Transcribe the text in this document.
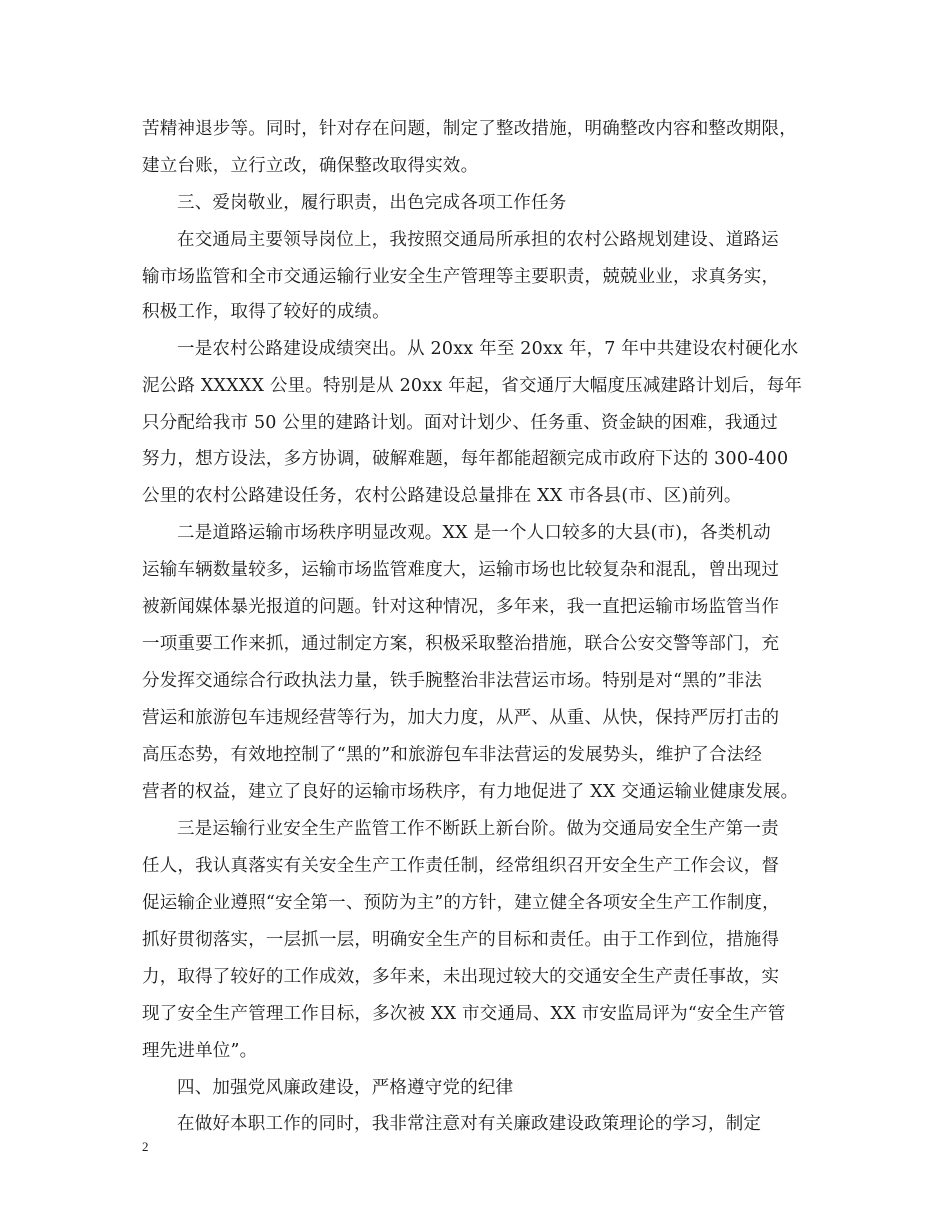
苦精神退步等。同时，针对存在问题，制定了整改措施，明确整改内容和整改期限，
建立台账，立行立改，确保整改取得实效。
三、爱岗敬业，履行职责，出色完成各项工作任务
在交通局主要领导岗位上，我按照交通局所承担的农村公路规划建设、道路运
输市场监管和全市交通运输行业安全生产管理等主要职责，兢兢业业，求真务实，
积极工作，取得了较好的成绩。
一是农村公路建设成绩突出。从 20xx 年至 20xx 年，7 年中共建设农村硬化水
泥公路 XXXXX 公里。特别是从 20xx 年起，省交通厅大幅度压减建路计划后，每年
只分配给我市 50 公里的建路计划。面对计划少、任务重、资金缺的困难，我通过
努力，想方设法，多方协调，破解难题，每年都能超额完成市政府下达的 300-400
公里的农村公路建设任务，农村公路建设总量排在 XX 市各县(市、区)前列。
二是道路运输市场秩序明显改观。XX 是一个人口较多的大县(市)，各类机动
运输车辆数量较多，运输市场监管难度大，运输市场也比较复杂和混乱，曾出现过
被新闻媒体暴光报道的问题。针对这种情况，多年来，我一直把运输市场监管当作
一项重要工作来抓，通过制定方案，积极采取整治措施，联合公安交警等部门，充
分发挥交通综合行政执法力量，铁手腕整治非法营运市场。特别是对“黑的”非法
营运和旅游包车违规经营等行为，加大力度，从严、从重、从快，保持严厉打击的
高压态势，有效地控制了“黑的”和旅游包车非法营运的发展势头，维护了合法经
营者的权益，建立了良好的运输市场秩序，有力地促进了 XX 交通运输业健康发展。
三是运输行业安全生产监管工作不断跃上新台阶。做为交通局安全生产第一责
任人，我认真落实有关安全生产工作责任制，经常组织召开安全生产工作会议，督
促运输企业遵照“安全第一、预防为主”的方针，建立健全各项安全生产工作制度，
抓好贯彻落实，一层抓一层，明确安全生产的目标和责任。由于工作到位，措施得
力，取得了较好的工作成效，多年来，未出现过较大的交通安全生产责任事故，实
现了安全生产管理工作目标，多次被 XX 市交通局、XX 市安监局评为“安全生产管
理先进单位”。
四、加强党风廉政建设，严格遵守党的纪律
在做好本职工作的同时，我非常注意对有关廉政建设政策理论的学习，制定
2
